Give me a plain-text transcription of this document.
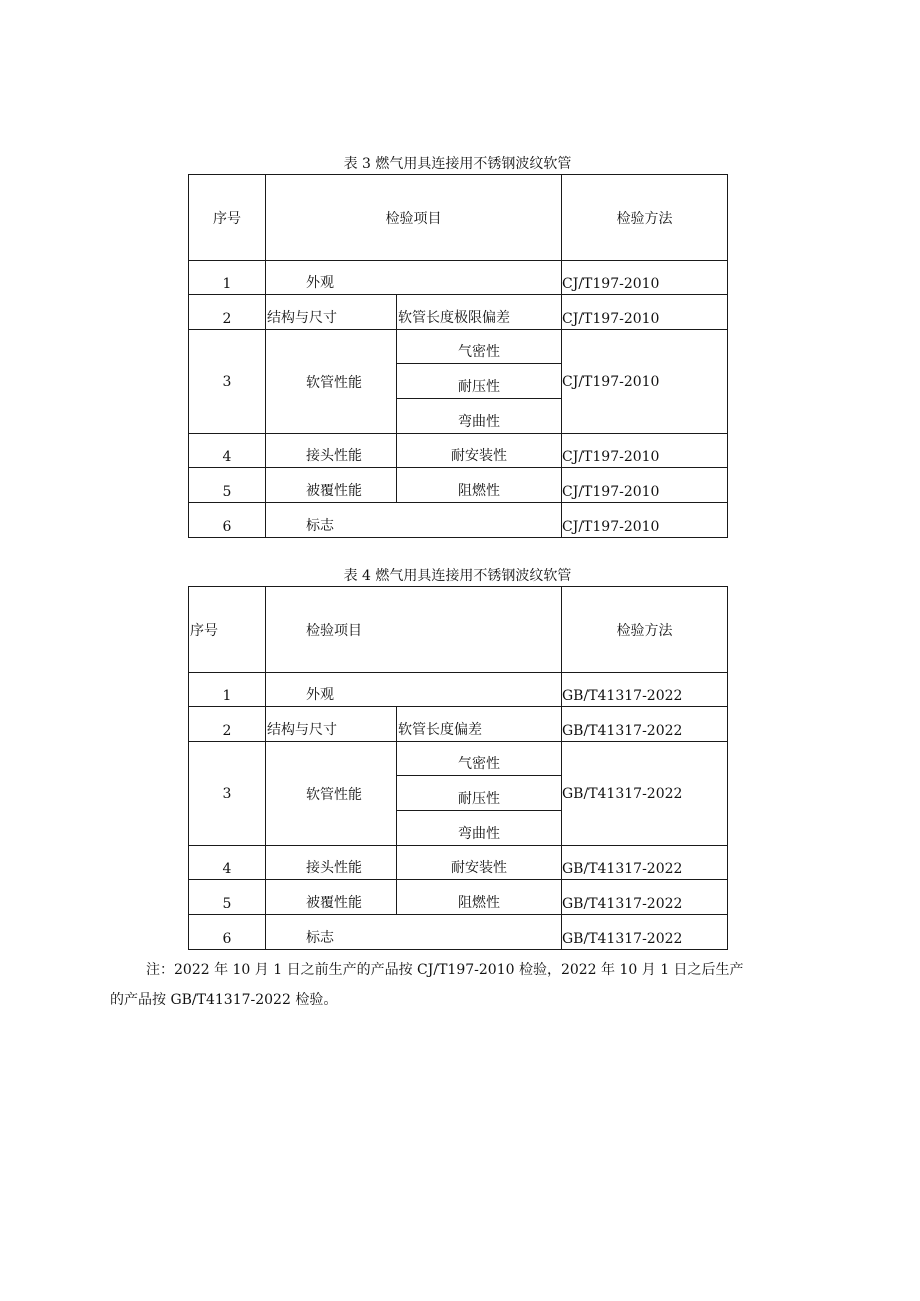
表 3 燃气用具连接用不锈钢波纹软管
序号	检验项目		检验方法
1	外观		CJ/T197-2010
2	结构与尺寸	软管长度极限偏差	CJ/T197-2010
3	软管性能	气密性	CJ/T197-2010
		耐压性	
		弯曲性	
4	接头性能	耐安装性	CJ/T197-2010
5	被覆性能	阻燃性	CJ/T197-2010
6	标志		CJ/T197-2010
表 4 燃气用具连接用不锈钢波纹软管
序号	检验项目		检验方法
1	外观		GB/T41317-2022
2	结构与尺寸	软管长度偏差	GB/T41317-2022
3	软管性能	气密性	GB/T41317-2022
		耐压性	
		弯曲性	
4	接头性能	耐安装性	GB/T41317-2022
5	被覆性能	阻燃性	GB/T41317-2022
6	标志		GB/T41317-2022

注：2022 年 10 月 1 日之前生产的产品按 CJ/T197-2010 检验，2022 年 10 月 1 日之后生产

的产品按 GB/T41317-2022 检验。
